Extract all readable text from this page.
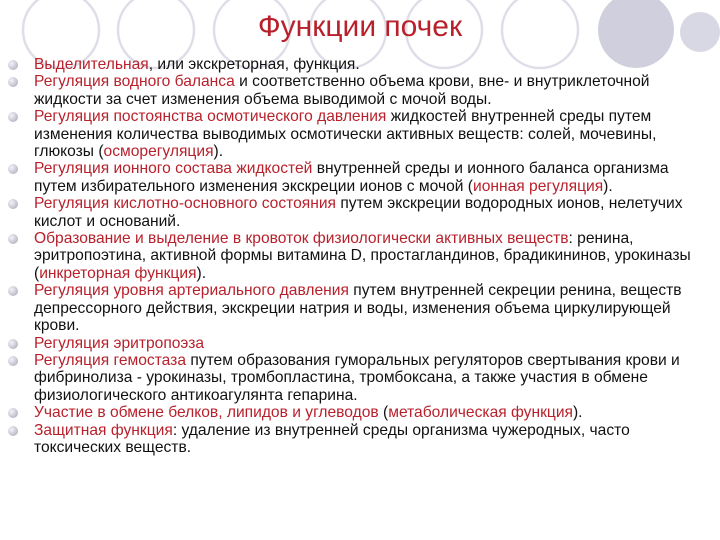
Функции почек
Выделительная, или экскреторная, функция.
Регуляция водного баланса и соответственно объема крови, вне- и внутриклеточной жидкости за счет изменения объема выводимой с мочой воды.
Регуляция постоянства осмотического давления жидкостей внутренней среды путем изменения количества выводимых осмотически активных веществ: солей, мочевины, глюкозы (осморегуляция).
Регуляция ионного состава жидкостей внутренней среды и ионного баланса организма путем избирательного изменения экскреции ионов с мочой (ионная регуляция).
Регуляция кислотно-основного состояния путем экскреции водородных ионов, нелетучих кислот и оснований.
Образование и выделение в кровоток физиологически активных веществ: ренина, эритропоэтина, активной формы витамина D, простагландинов, брадикининов, урокиназы (инкреторная функция).
Регуляция уровня артериального давления путем внутренней секреции ренина, веществ депрессорного действия, экскреции натрия и воды, изменения объема циркулирующей крови.
Регуляция эритропоэза
Регуляция гемостаза путем образования гуморальных регуляторов свертывания крови и фибринолиза - урокиназы, тромбопластина, тромбоксана, а также участия в обмене физиологического антикоагулянта гепарина.
Участие в обмене белков, липидов и углеводов (метаболическая функция).
Защитная функция: удаление из внутренней среды организма чужеродных, часто токсических веществ.
